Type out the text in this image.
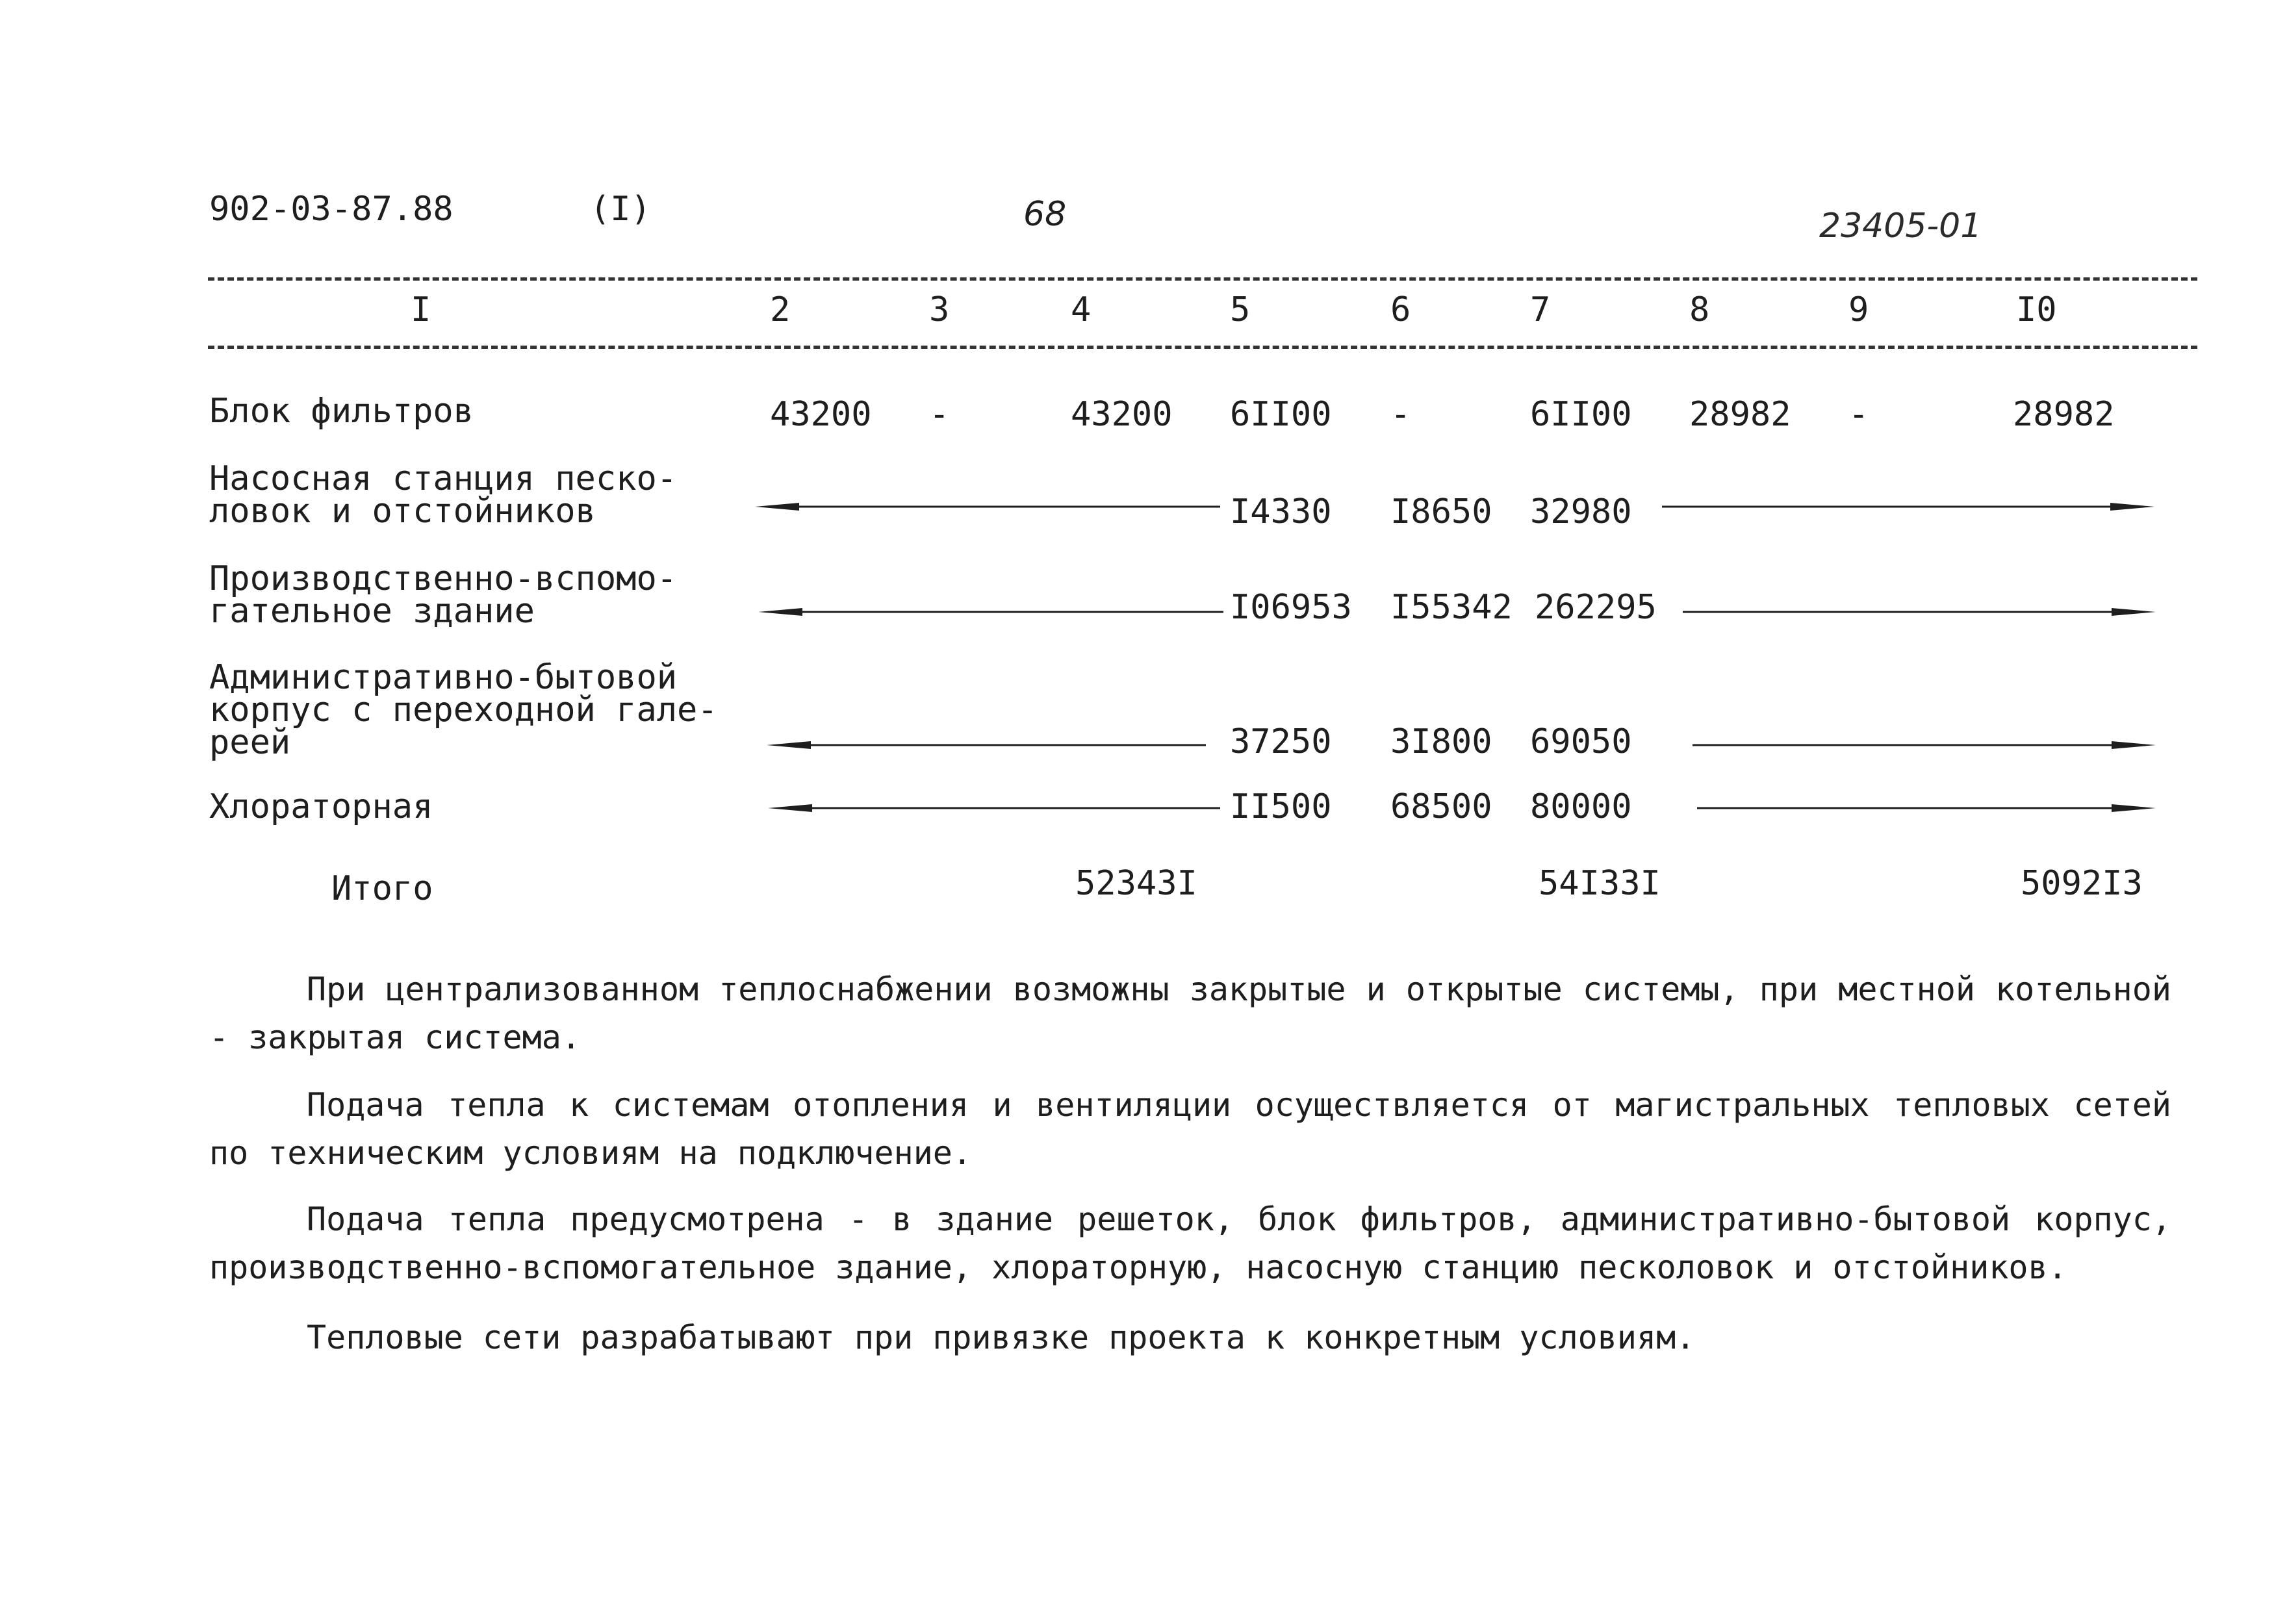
902-03-87.88	(I)	68	23405-01
I	2	3	4	5	6	7	8	9	I0
Блок фильтров	43200 -	43200 6II00 -	6II00 28982 -	28982
Насосная станция песко-
ловок и отстойников	I4330 I8650 32980
Производственно-вспомо-
гательное здание	I06953 I55342 262295
Административно-бытовой
корпус с переходной гале-
реей	37250 3I800 69050
Хлораторная	II500 68500 80000
Итого	52343I	54I33I	5092I3
При централизованном теплоснабжении возможны закрытые и открытые системы, при местной котельной - закрытая система.
Подача тепла к системам отопления и вентиляции осуществляется от магистральных тепловых сетей по техническим условиям на подключение.
Подача тепла предусмотрена - в здание решеток, блок фильтров, административно-бытовой корпус, производственно-вспомогательное здание, хлораторную, насосную станцию песколовок и отстойников.
Тепловые сети разрабатывают при привязке проекта к конкретным условиям.
